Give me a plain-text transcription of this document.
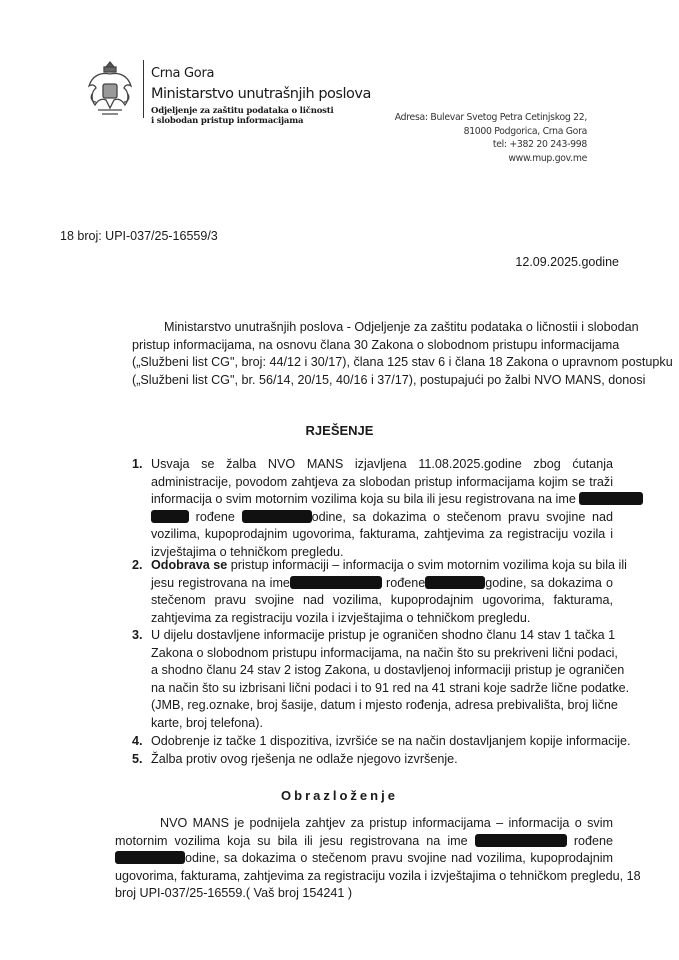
Crna Gora
Ministarstvo unutrašnjih poslova
Odjeljenje za zaštitu podataka o ličnosti
i slobodan pristup informacijama	Adresa: Bulevar Svetog Petra Cetinjskog 22,
81000 Podgorica, Crna Gora
tel: +382 20 243-998
www.mup.gov.me
18 broj: UPI-037/25-16559/3
12.09.2025.godine
Ministarstvo unutrašnjih poslova - Odjeljenje za zaštitu podataka o ličnostii i slobodan
pristup informacijama, na osnovu člana 30 Zakona o slobodnom pristupu informacijama
(„Službeni list CG", broj: 44/12 i 30/17), člana 125 stav 6 i člana 18 Zakona o upravnom postupku
(„Službeni list CG", br. 56/14, 20/15, 40/16 i 37/17), postupajući po žalbi NVO MANS, donosi
RJEŠENJE
1. Usvaja se žalba NVO MANS izjavljena 11.08.2025.godine zbog ćutanja
administracije, povodom zahtjeva za slobodan pristup informacijama kojim se traži
informacija o svim motornim vozilima koja su bila ili jesu registrovana na ime
rođene	odine, sa dokazima o stečenom pravu svojine nad
vozilima, kupoprodajnim ugovorima, fakturama, zahtjevima za registraciju vozila i
izvještajima o tehničkom pregledu.
2. Odobrava se pristup informaciji – informacija o svim motornim vozilima koja su bila ili
jesu registrovana na ime	rođene	godine, sa dokazima o
stečenom pravu svojine nad vozilima, kupoprodajnim ugovorima, fakturama,
zahtjevima za registraciju vozila i izvještajima o tehničkom pregledu.
3. U dijelu dostavljene informacije pristup je ograničen shodno članu 14 stav 1 tačka 1
Zakona o slobodnom pristupu informacijama, na način što su prekriveni lični podaci,
a shodno članu 24 stav 2 istog Zakona, u dostavljenoj informaciji pristup je ograničen
na način što su izbrisani lični podaci i to 91 red na 41 strani koje sadrže lične podatke.
(JMB, reg.oznake, broj šasije, datum i mjesto rođenja, adresa prebivališta, broj lične
karte, broj telefona).
4. Odobrenje iz tačke 1 dispozitiva, izvršiće se na način dostavljanjem kopije informacije.
5. Žalba protiv ovog rješenja ne odlaže njegovo izvršenje.
Obrazloženje
NVO MANS je podnijela zahtjev za pristup informacijama – informacija o svim
motornim vozilima koja su bila ili jesu registrovana na ime	rođene
odine, sa dokazima o stečenom pravu svojine nad vozilima, kupoprodajnim
ugovorima, fakturama, zahtjevima za registraciju vozila i izvještajima o tehničkom pregledu, 18
broj UPI-037/25-16559.( Vaš broj 154241 )
